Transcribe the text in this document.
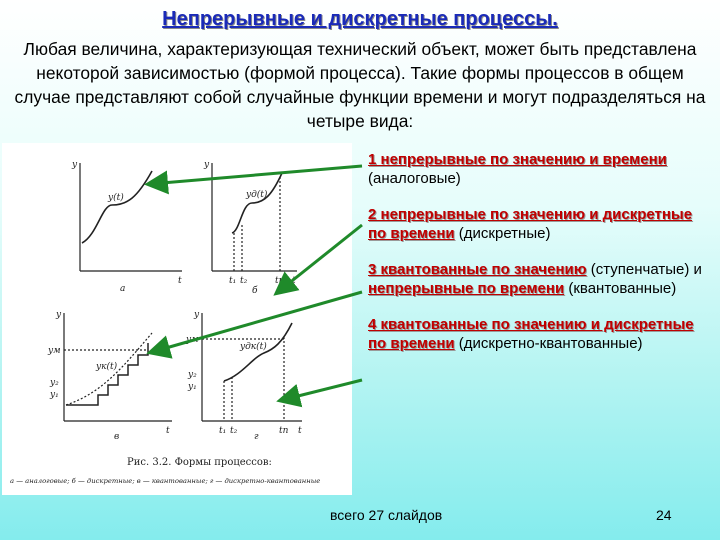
Непрерывные и дискретные процессы.
Любая величина, характеризующая технический объект, может быть представлена некоторой зависимостью (формой процесса). Такие формы процессов в общем случае представляют собой случайные функции времени и могут подразделяться на четыре вида:
y
t
y(t)
а
y
t
yд(t)
t₁ t₂	tп
б
y
t
yк(t)
yм
y₂
y₁
в
y
t
yдк(t)
yм
y₂
y₁
t₁ t₂	tп
г
Рис. 3.2. Формы процессов:
а — аналоговые; б — дискретные; в — квантованные; г — дискретно-квантованные
1 непрерывные по значению и времени (аналоговые)
2 непрерывные по значению и дискретные по времени (дискретные)
3 квантованные по значению (ступенчатые) и непрерывные по времени (квантованные)
4 квантованные по значению и дискретные по времени (дискретно-квантованные)
всего 27 слайдов	24
